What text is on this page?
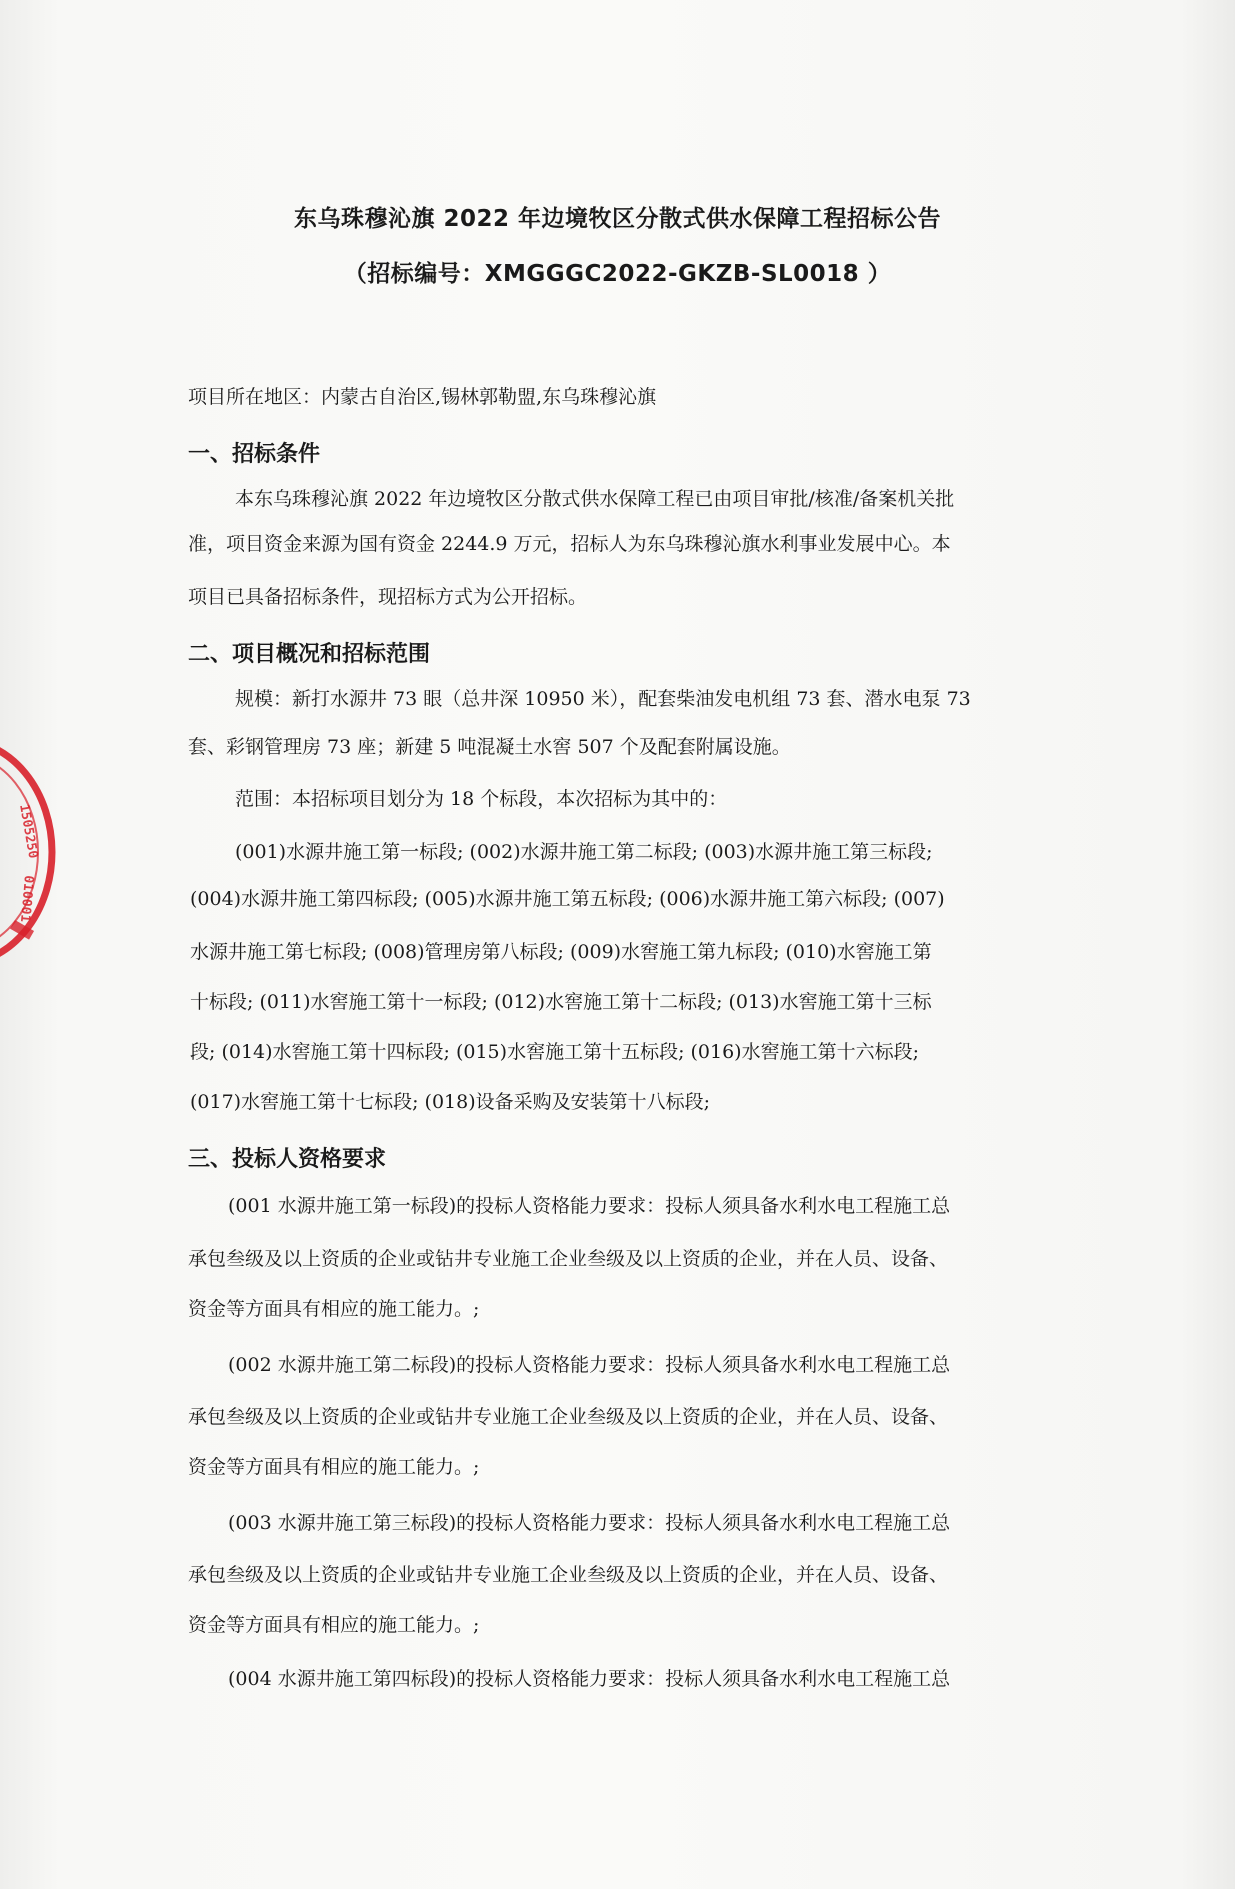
东乌珠穆沁旗 2022 年边境牧区分散式供水保障工程招标公告
（招标编号：XMGGGC2022-GKZB-SL0018 ）
项目所在地区：内蒙古自治区,锡林郭勒盟,东乌珠穆沁旗
一、招标条件
本东乌珠穆沁旗 2022 年边境牧区分散式供水保障工程已由项目审批/核准/备案机关批
准，项目资金来源为国有资金 2244.9 万元，招标人为东乌珠穆沁旗水利事业发展中心。本
项目已具备招标条件，现招标方式为公开招标。
二、项目概况和招标范围
规模：新打水源井 73 眼（总井深 10950 米），配套柴油发电机组 73 套、潜水电泵 73
套、彩钢管理房 73 座；新建 5 吨混凝土水窖 507 个及配套附属设施。
范围：本招标项目划分为 18 个标段，本次招标为其中的：
(001)水源井施工第一标段; (002)水源井施工第二标段; (003)水源井施工第三标段;
(004)水源井施工第四标段; (005)水源井施工第五标段; (006)水源井施工第六标段; (007)
水源井施工第七标段; (008)管理房第八标段; (009)水窖施工第九标段; (010)水窖施工第
十标段; (011)水窖施工第十一标段; (012)水窖施工第十二标段; (013)水窖施工第十三标
段; (014)水窖施工第十四标段; (015)水窖施工第十五标段; (016)水窖施工第十六标段;
(017)水窖施工第十七标段; (018)设备采购及安装第十八标段;
三、投标人资格要求
(001 水源井施工第一标段)的投标人资格能力要求：投标人须具备水利水电工程施工总
承包叁级及以上资质的企业或钻井专业施工企业叁级及以上资质的企业，并在人员、设备、
资金等方面具有相应的施工能力。;
(002 水源井施工第二标段)的投标人资格能力要求：投标人须具备水利水电工程施工总
承包叁级及以上资质的企业或钻井专业施工企业叁级及以上资质的企业，并在人员、设备、
资金等方面具有相应的施工能力。;
(003 水源井施工第三标段)的投标人资格能力要求：投标人须具备水利水电工程施工总
承包叁级及以上资质的企业或钻井专业施工企业叁级及以上资质的企业，并在人员、设备、
资金等方面具有相应的施工能力。;
(004 水源井施工第四标段)的投标人资格能力要求：投标人须具备水利水电工程施工总
1505250
010001
